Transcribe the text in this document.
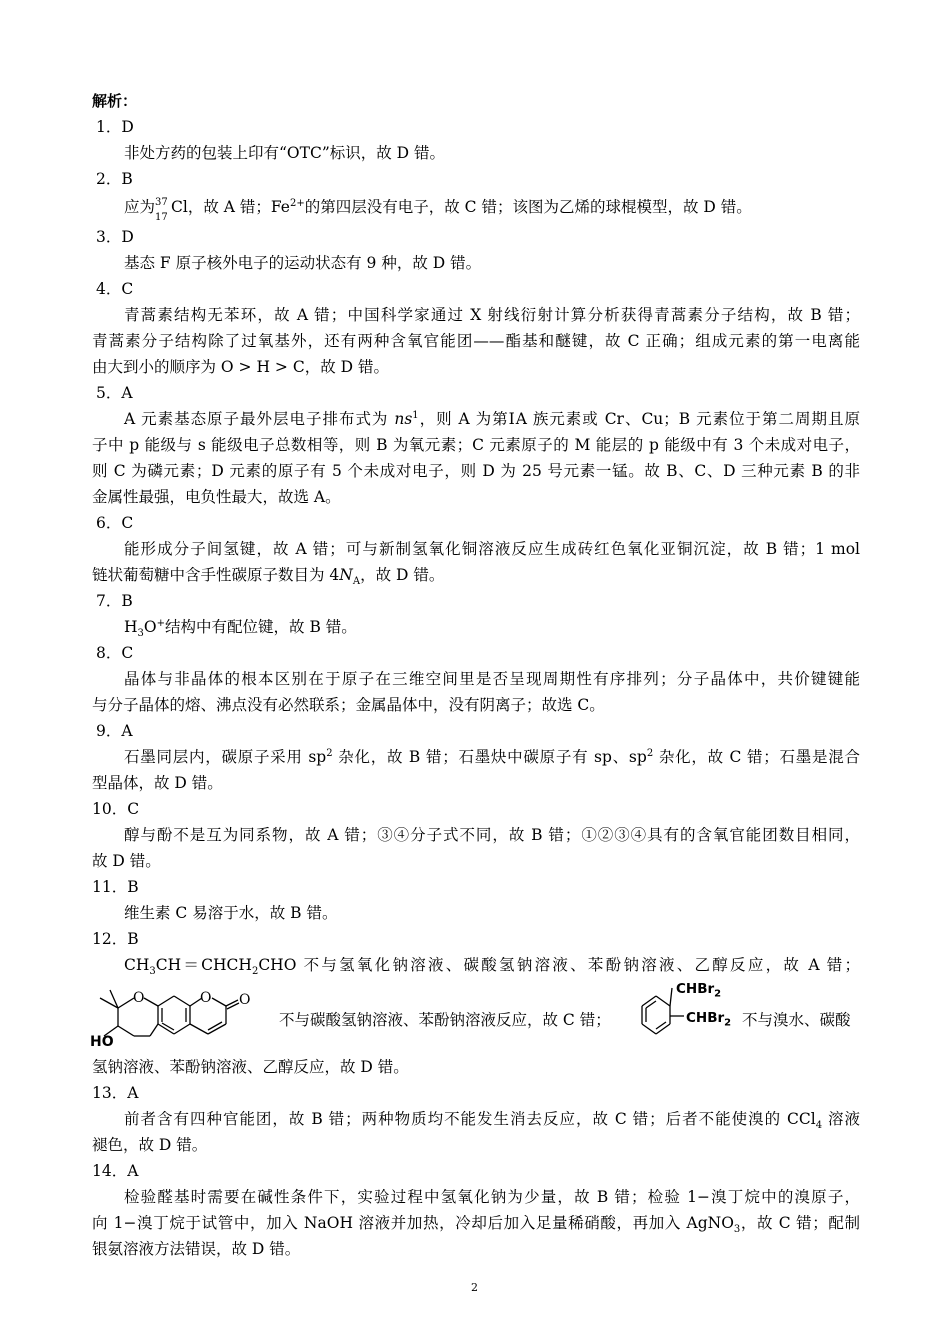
解析：
1．D
非处方药的包装上印有“OTC”标识，故 D 错。
2．B
应为 37
17
Cl，故 A 错；$Fe^{2+}$的第四层没有电子，故 C 错；该图为乙烯的球棍模型，故 D 错。
3．D
基态 F 原子核外电子的运动状态有 9 种，故 D 错。
4．C
青蒿素结构无苯环，故 A 错；中国科学家通过 X 射线衍射计算分析获得青蒿素分子结构，故 B 错；
青蒿素分子结构除了过氧基外，还有两种含氧官能团——酯基和醚键，故 C 正确；组成元素的第一电离能
由大到小的顺序为 O > H > C，故 D 错。
5．A
A 元素基态原子最外层电子排布式为 $ns^1$，则 A 为第ⅠA 族元素或 Cr、Cu；B 元素位于第二周期且原
子中 p 能级与 s 能级电子总数相等，则 B 为氧元素；C 元素原子的 M 能层的 p 能级中有 3 个未成对电子，
则 C 为磷元素；D 元素的原子有 5 个未成对电子，则 D 为 25 号元素一锰。故 B、C、D 三种元素 B 的非
金属性最强，电负性最大，故选 A。
6．C
能形成分子间氢键，故 A 错；可与新制氢氧化铜溶液反应生成砖红色氧化亚铜沉淀，故 B 错；1 mol
链状葡萄糖中含手性碳原子数目为 $4N_A$，故 D 错。
7．B
$H_3O^+$结构中有配位键，故 B 错。
8．C
晶体与非晶体的根本区别在于原子在三维空间里是否呈现周期性有序排列；分子晶体中，共价键键能
与分子晶体的熔、沸点没有必然联系；金属晶体中，没有阴离子；故选 C。
9．A
石墨同层内，碳原子采用 $sp^2$ 杂化，故 B 错；石墨炔中碳原子有 sp、$sp^2$ 杂化，故 C 错；石墨是混合
型晶体，故 D 错。
10．C
醇与酚不是互为同系物，故 A 错；③④分子式不同，故 B 错；①②③④具有的含氧官能团数目相同，
故 D 错。
11．B
维生素 C 易溶于水，故 B 错。
12．B
$CH_3CH=CHCH_2CHO$ 不与氢氧化钠溶液、碳酸氢钠溶液、苯酚钠溶液、乙醇反应，故 A 错；
O	O O
HO
不与碳酸氢钠溶液、苯酚钠溶液反应，故 C 错；
CHBr$_2$
CHBr$_2$ 不与溴水、碳酸
氢钠溶液、苯酚钠溶液、乙醇反应，故 D 错。
13．A
前者含有四种官能团，故 B 错；两种物质均不能发生消去反应，故 C 错；后者不能使溴的 CCl$_4$ 溶液
褪色，故 D 错。
14．A
检验醛基时需要在碱性条件下，实验过程中氢氧化钠为少量，故 B 错；检验 1−溴丁烷中的溴原子，
向 1−溴丁烷于试管中，加入 NaOH 溶液并加热，冷却后加入足量稀硝酸，再加入 AgNO$_3$，故 C 错；配制
银氨溶液方法错误，故 D 错。
2
